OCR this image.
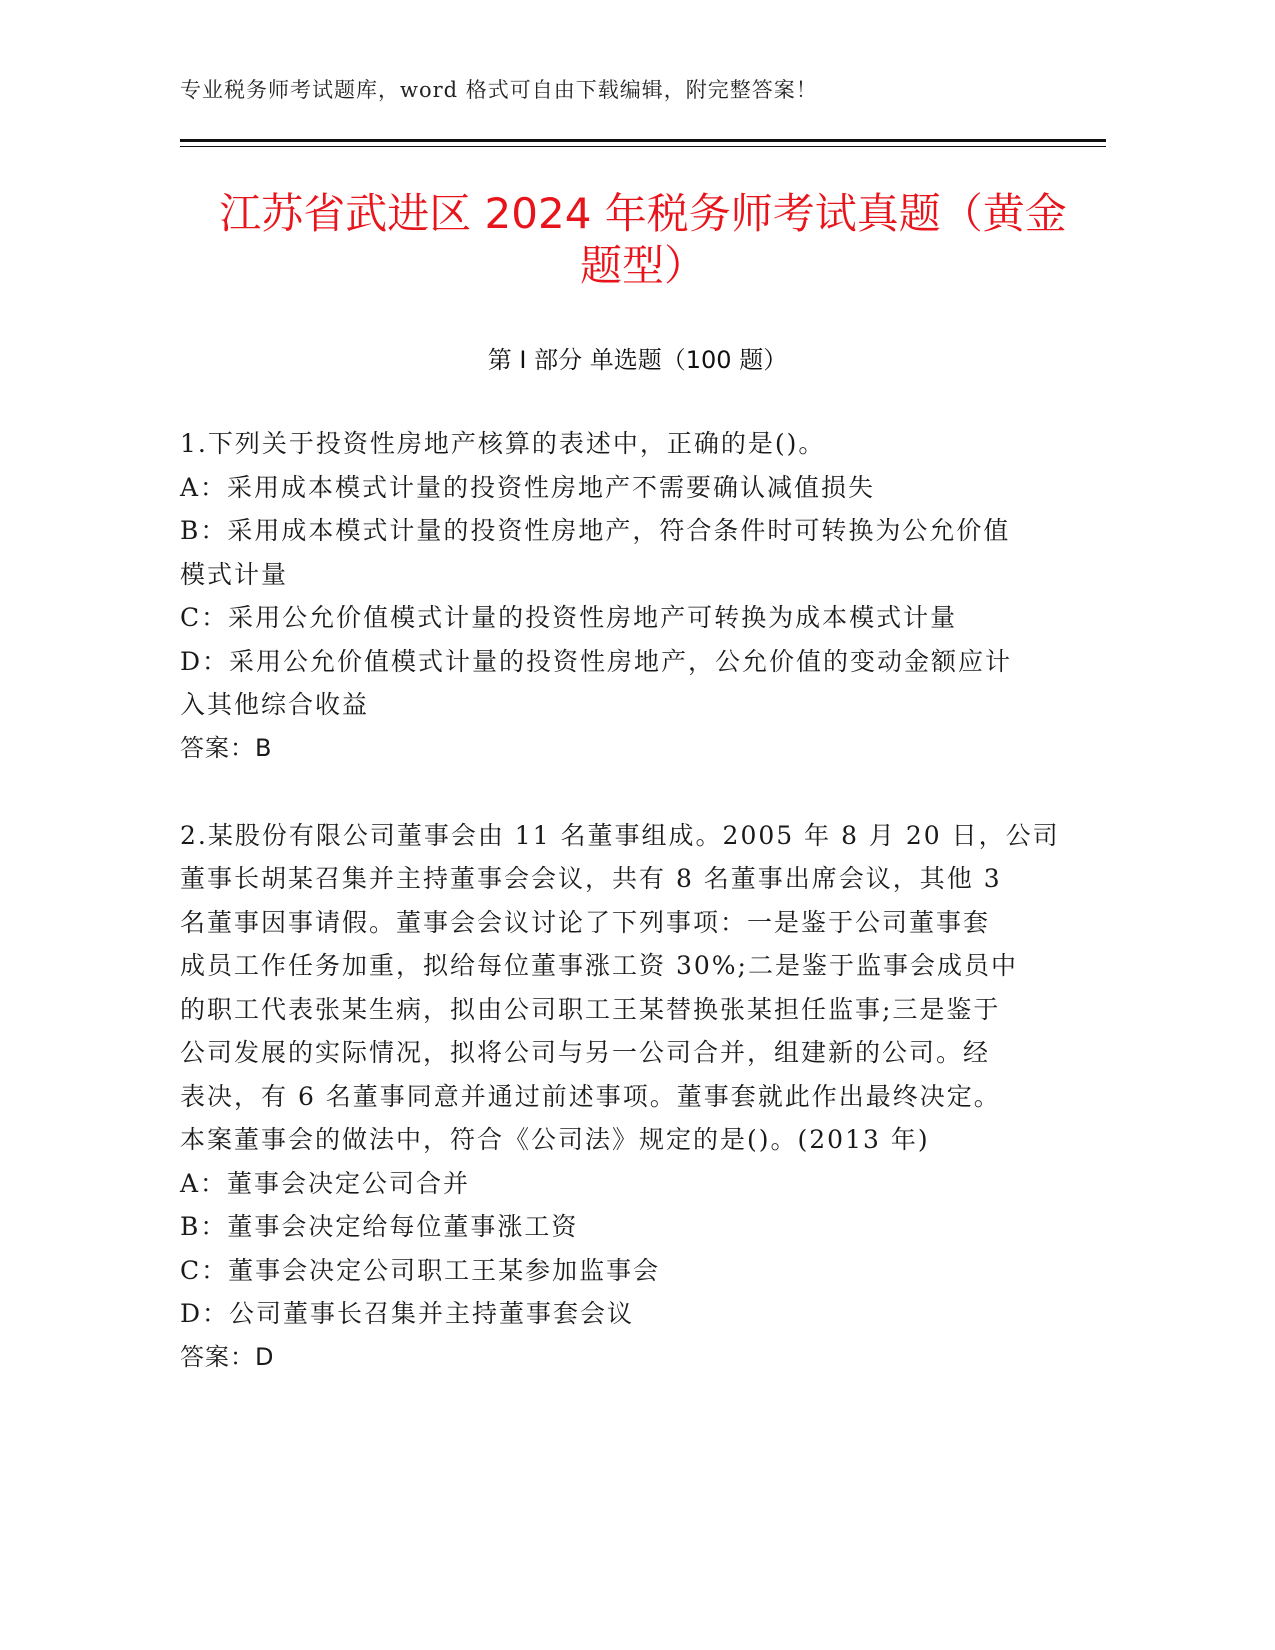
专业税务师考试题库，word 格式可自由下载编辑，附完整答案！
江苏省武进区 2024 年税务师考试真题（黄金
题型）
第 I 部分 单选题（100 题）
1.下列关于投资性房地产核算的表述中，正确的是()。
A：采用成本模式计量的投资性房地产不需要确认减值损失
B：采用成本模式计量的投资性房地产，符合条件时可转换为公允价值
模式计量
C：采用公允价值模式计量的投资性房地产可转换为成本模式计量
D：采用公允价值模式计量的投资性房地产，公允价值的变动金额应计
入其他综合收益
答案：B
2.某股份有限公司董事会由 11 名董事组成。2005 年 8 月 20 日，公司
董事长胡某召集并主持董事会会议，共有 8 名董事出席会议，其他 3
名董事因事请假。董事会会议讨论了下列事项：一是鉴于公司董事套
成员工作任务加重，拟给每位董事涨工资 30%;二是鉴于监事会成员中
的职工代表张某生病，拟由公司职工王某替换张某担任监事;三是鉴于
公司发展的实际情况，拟将公司与另一公司合并，组建新的公司。经
表决，有 6 名董事同意并通过前述事项。董事套就此作出最终决定。
本案董事会的做法中，符合《公司法》规定的是()。(2013 年)
A：董事会决定公司合并
B：董事会决定给每位董事涨工资
C：董事会决定公司职工王某参加监事会
D：公司董事长召集并主持董事套会议
答案：D
